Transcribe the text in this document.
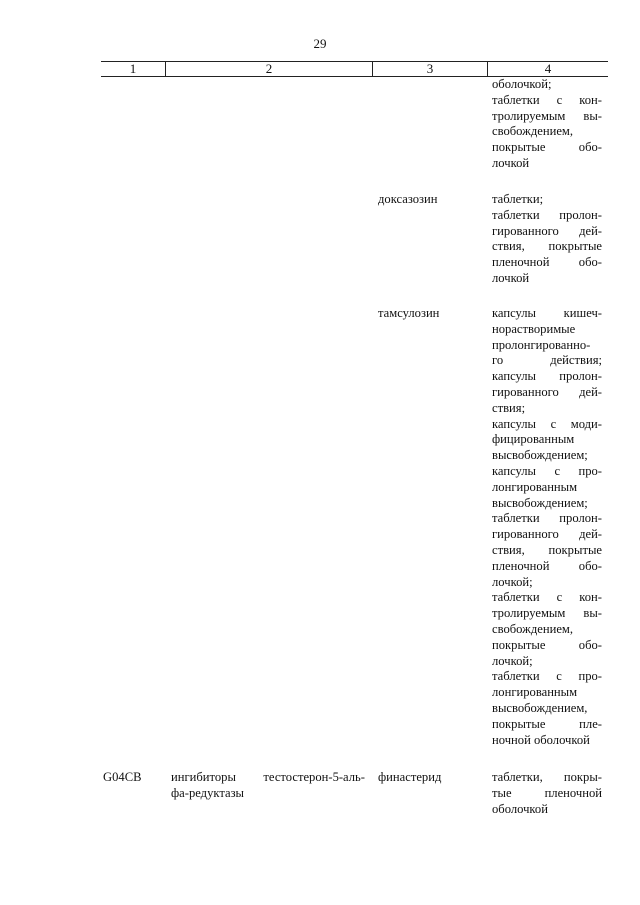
29
1	2	3	4
оболочкой;
таблетки с кон-
тролируемым вы-
свобождением,
покрытые обо-
лочкой
доксазозин	таблетки;
таблетки пролон-
гированного дей-
ствия, покрытые
пленочной обо-
лочкой
тамсулозин	капсулы кишеч-
норастворимые
пролонгированно-
го действия;
капсулы пролон-
гированного дей-
ствия;
капсулы с моди-
фицированным
высвобождением;
капсулы с про-
лонгированным
высвобождением;
таблетки пролон-
гированного дей-
ствия, покрытые
пленочной обо-
лочкой;
таблетки с кон-
тролируемым вы-
свобождением,
покрытые обо-
лочкой;
таблетки с про-
лонгированным
высвобождением,
покрытые пле-
ночной оболочкой
G04CB	ингибиторы тестостерон-5-аль-
фа-редуктазы
финастерид	таблетки, покры-
тые пленочной
оболочкой
